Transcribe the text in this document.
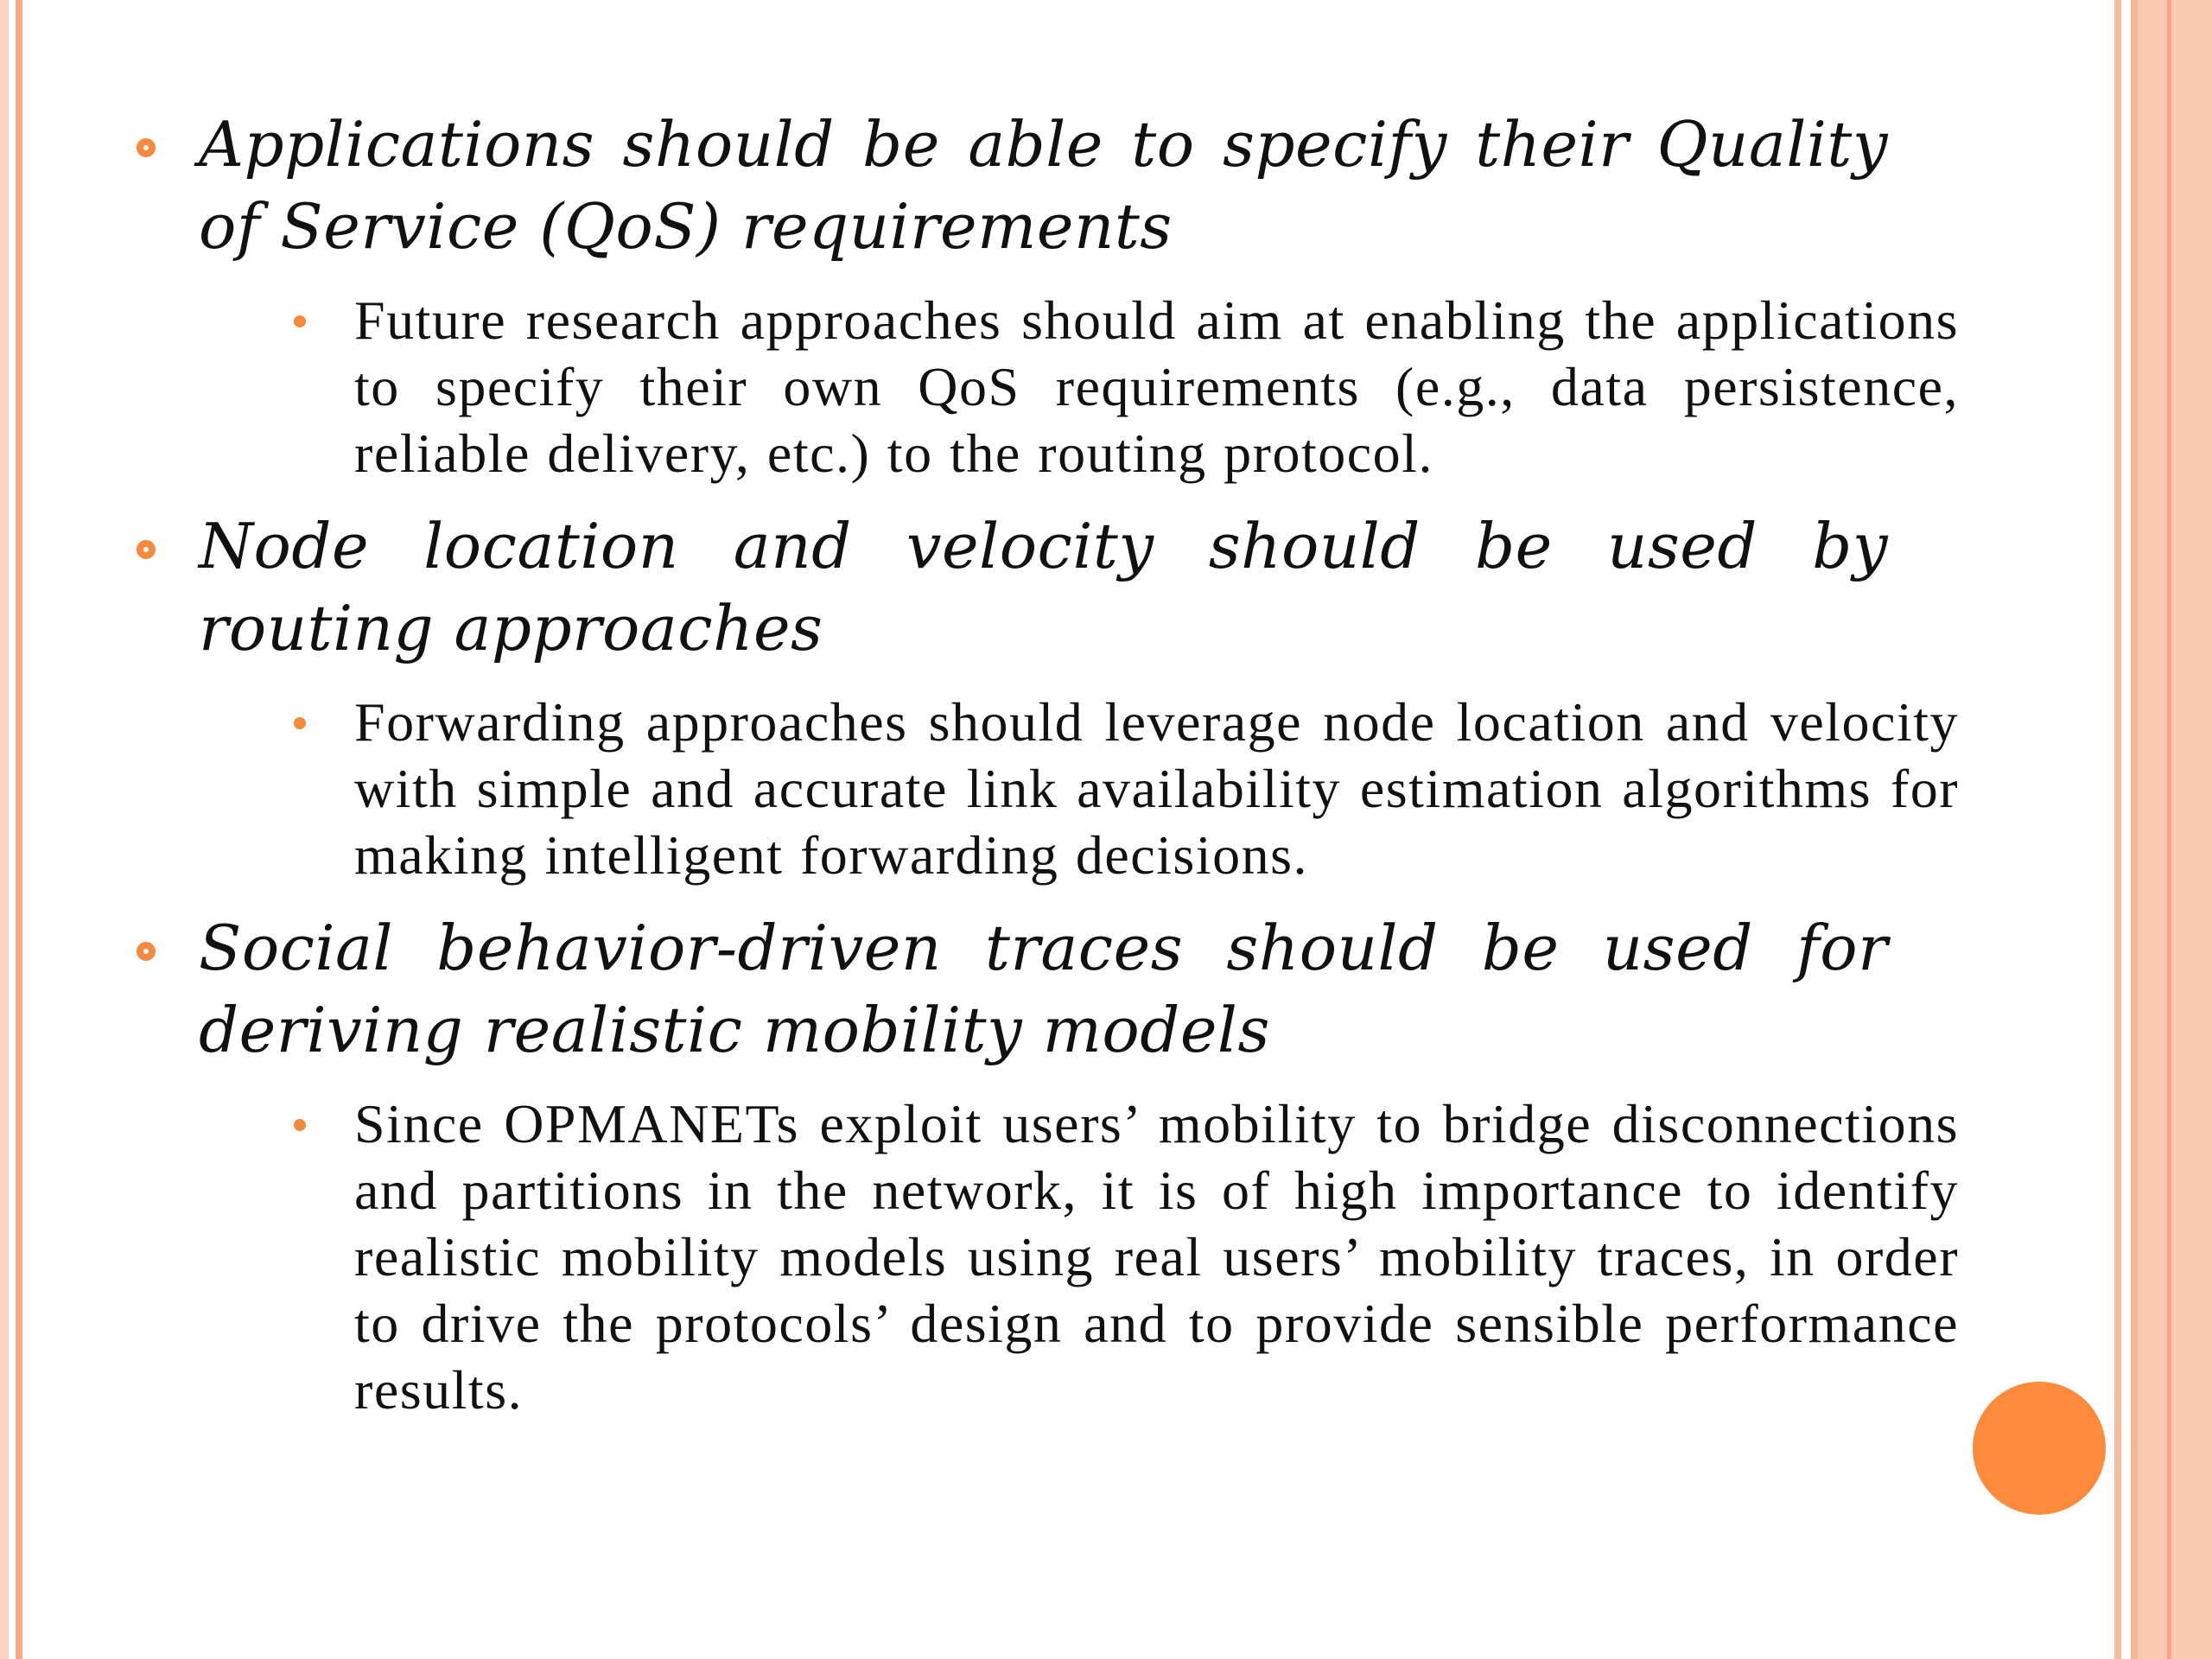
Applications should be able to specify their Quality of Service (QoS) requirements
Future research approaches should aim at enabling the applications to specify their own QoS requirements (e.g., data persistence, reliable delivery, etc.) to the routing protocol.
Node location and velocity should be used by routing approaches
Forwarding approaches should leverage node location and velocity with simple and accurate link availability estimation algorithms for making intelligent forwarding decisions.
Social behavior-driven traces should be used for deriving realistic mobility models
Since OPMANETs exploit users’ mobility to bridge disconnections and partitions in the network, it is of high importance to identify realistic mobility models using real users’ mobility traces, in order to drive the protocols’ design and to provide sensible performance results.
